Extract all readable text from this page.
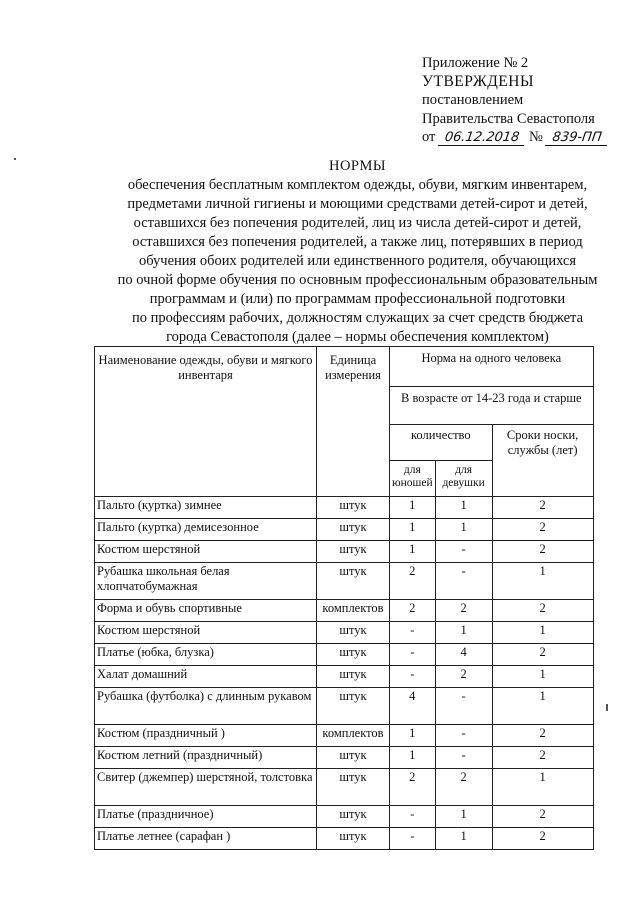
Приложение № 2
УТВЕРЖДЕНЫ
постановлением
Правительства Севастополя
от 06.12.2018 № 839-ПП
НОРМЫ
обеспечения бесплатным комплектом одежды, обуви, мягким инвентарем,
предметами личной гигиены и моющими средствами детей-сирот и детей,
оставшихся без попечения родителей, лиц из числа детей-сирот и детей,
оставшихся без попечения родителей, а также лиц, потерявших в период
обучения обоих родителей или единственного родителя, обучающихся
по очной форме обучения по основным профессиональным образовательным
программам и (или) по программам профессиональной подготовки
по профессиям рабочих, должностям служащих за счет средств бюджета
города Севастополя (далее – нормы обеспечения комплектом)
Наименование одежды, обуви и мягкого инвентаря	Единица измерения	Норма на одного человека		
		В возрасте от 14-23 года и старше		
		количество		Сроки носки, службы (лет)
		для юношей	для девушки	
Пальто (куртка) зимнее	штук	1	1	2
Пальто (куртка) демисезонное	штук	1	1	2
Костюм шерстяной	штук	1	-	2
Рубашка школьная белая хлопчатобумажная	штук	2	-	1
Форма и обувь спортивные	комплектов	2	2	2
Костюм шерстяной	штук	-	1	1
Платье (юбка, блузка)	штук	-	4	2
Халат домашний	штук	-	2	1
Рубашка (футболка) с длинным рукавом	штук	4	-	1
Костюм (праздничный )	комплектов	1	-	2
Костюм летний (праздничный)	штук	1	-	2
Свитер (джемпер) шерстяной, толстовка	штук	2	2	1
Платье (праздничное)	штук	-	1	2
Платье летнее (сарафан )	штук	-	1	2
